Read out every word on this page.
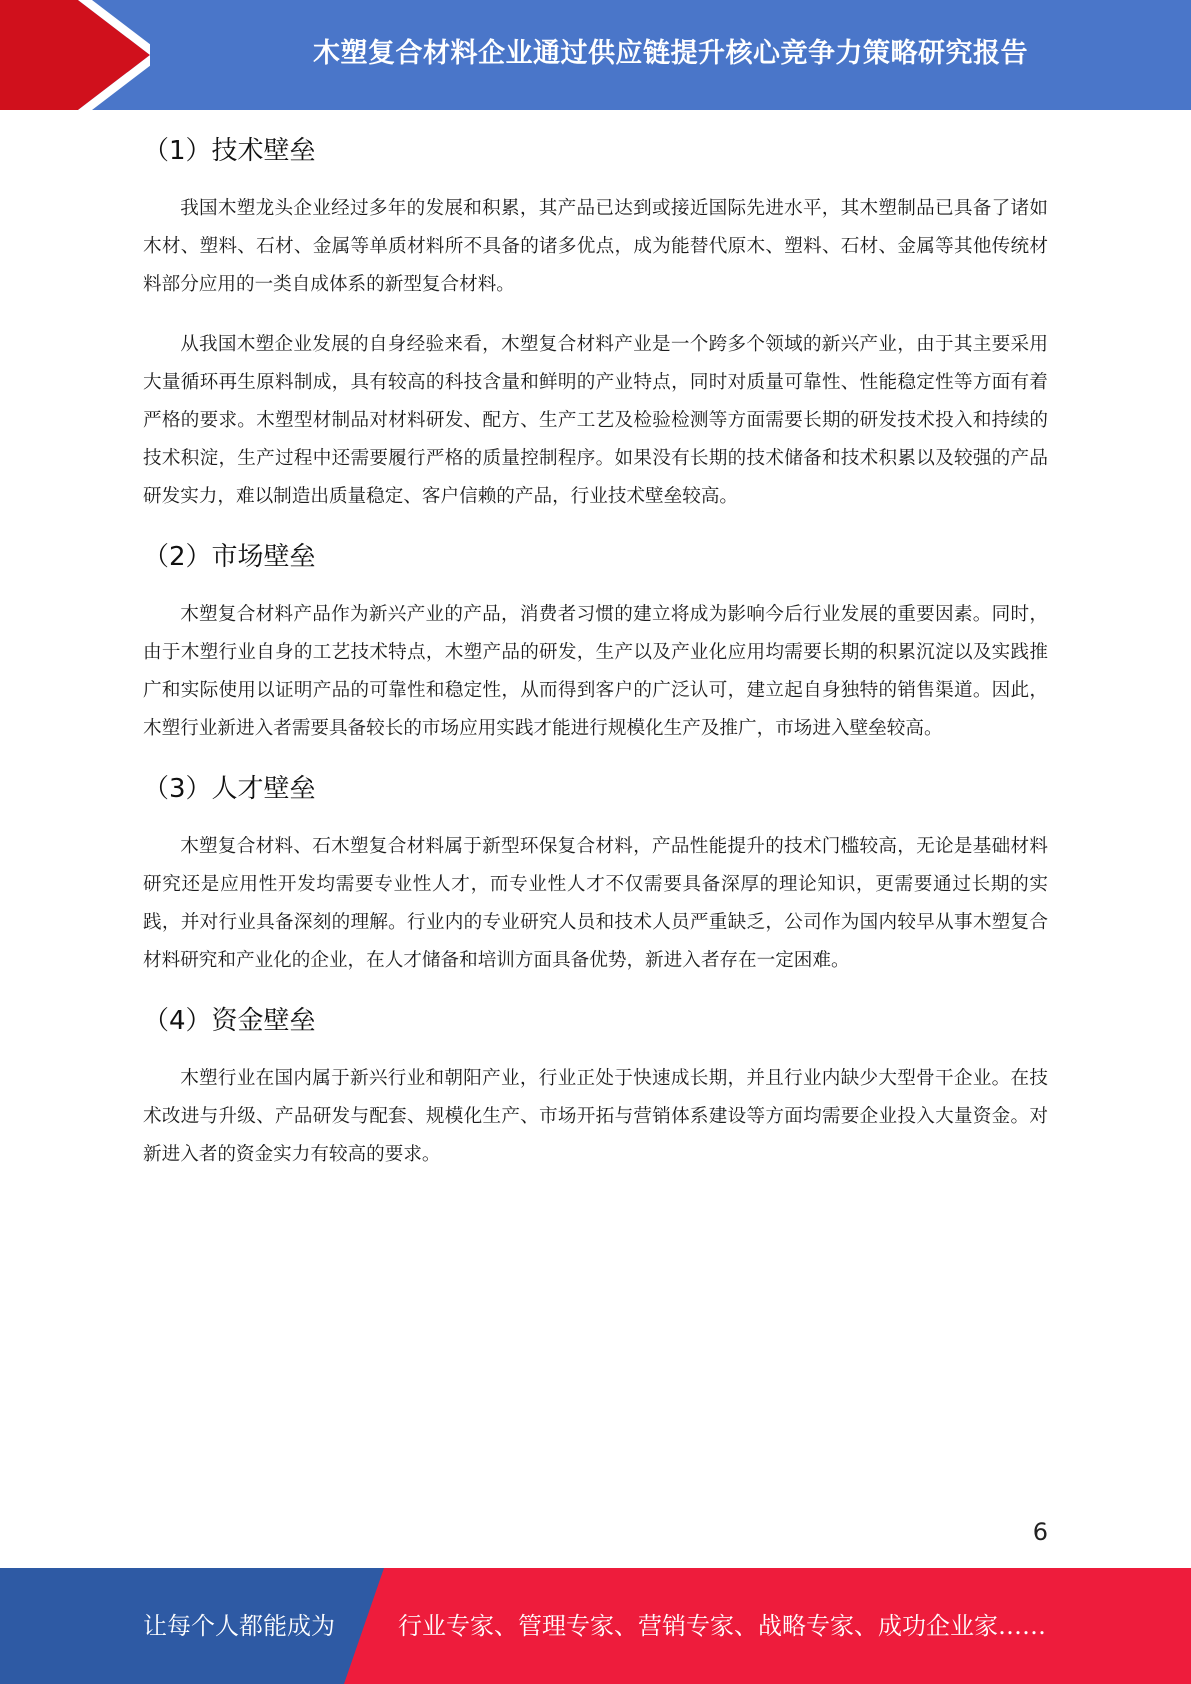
木塑复合材料企业通过供应链提升核心竞争力策略研究报告
（1）技术壁垒

我国木塑龙头企业经过多年的发展和积累，其产品已达到或接近国际先进水平，其木塑制品已具备了诸如木材、塑料、石材、金属等单质材料所不具备的诸多优点，成为能替代原木、塑料、石材、金属等其他传统材料部分应用的一类自成体系的新型复合材料。

从我国木塑企业发展的自身经验来看，木塑复合材料产业是一个跨多个领域的新兴产业，由于其主要采用大量循环再生原料制成，具有较高的科技含量和鲜明的产业特点，同时对质量可靠性、性能稳定性等方面有着严格的要求。木塑型材制品对材料研发、配方、生产工艺及检验检测等方面需要长期的研发技术投入和持续的技术积淀，生产过程中还需要履行严格的质量控制程序。如果没有长期的技术储备和技术积累以及较强的产品研发实力，难以制造出质量稳定、客户信赖的产品，行业技术壁垒较高。

（2）市场壁垒

木塑复合材料产品作为新兴产业的产品，消费者习惯的建立将成为影响今后行业发展的重要因素。同时，由于木塑行业自身的工艺技术特点，木塑产品的研发，生产以及产业化应用均需要长期的积累沉淀以及实践推广和实际使用以证明产品的可靠性和稳定性，从而得到客户的广泛认可，建立起自身独特的销售渠道。因此，木塑行业新进入者需要具备较长的市场应用实践才能进行规模化生产及推广，市场进入壁垒较高。

（3）人才壁垒

木塑复合材料、石木塑复合材料属于新型环保复合材料，产品性能提升的技术门槛较高，无论是基础材料研究还是应用性开发均需要专业性人才，而专业性人才不仅需要具备深厚的理论知识，更需要通过长期的实践，并对行业具备深刻的理解。行业内的专业研究人员和技术人员严重缺乏，公司作为国内较早从事木塑复合材料研究和产业化的企业，在人才储备和培训方面具备优势，新进入者存在一定困难。

（4）资金壁垒

木塑行业在国内属于新兴行业和朝阳产业，行业正处于快速成长期，并且行业内缺少大型骨干企业。在技术改进与升级、产品研发与配套、规模化生产、市场开拓与营销体系建设等方面均需要企业投入大量资金。对新进入者的资金实力有较高的要求。

6
让每个人都能成为	行业专家、管理专家、营销专家、战略专家、成功企业家……
